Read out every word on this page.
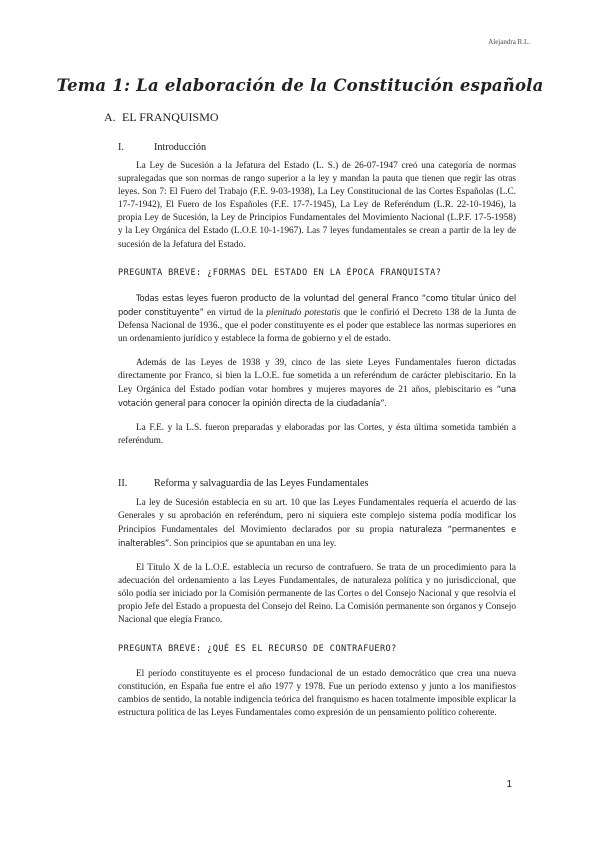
Alejandra R.L.
Tema 1: La elaboración de la Constitución española
A. EL FRANQUISMO
I.	Introducción

La Ley de Sucesión a la Jefatura del Estado (L. S.) de 26-07-1947 creó una categoría de normas supralegadas que son normas de rango superior a la ley y mandan la pauta que tienen que regir las otras leyes. Son 7: El Fuero del Trabajo (F.E. 9-03-1938), La Ley Constitucional de las Cortes Españolas (L.C. 17-7-1942), El Fuero de los Españoles (F.E. 17-7-1945), La Ley de Referéndum (L.R. 22-10-1946), la propia Ley de Sucesión, la Ley de Principios Fundamentales del Movimiento Nacional (L.P.F. 17-5-1958) y la Ley Orgánica del Estado (L.O.E 10-1-1967). Las 7 leyes fundamentales se crean a partir de la ley de sucesión de la Jefatura del Estado.

PREGUNTA BREVE: ¿FORMAS DEL ESTADO EN LA ÉPOCA FRANQUISTA?

Todas estas leyes fueron producto de la voluntad del general Franco “como titular único del poder constituyente” en virtud de la plenitudo potestatis que le confirió el Decreto 138 de la Junta de Defensa Nacional de 1936., que el poder constituyente es el poder que establece las normas superiores en un ordenamiento jurídico y establece la forma de gobierno y el de estado.

Además de las Leyes de 1938 y 39, cinco de las siete Leyes Fundamentales fueron dictadas directamente por Franco, si bien la L.O.E. fue sometida a un referéndum de carácter plebiscitario. En la Ley Orgánica del Estado podían votar hombres y mujeres mayores de 21 años, plebiscitario es “una votación general para conocer la opinión directa de la ciudadanía”.

La F.E. y la L.S. fueron preparadas y elaboradas por las Cortes, y ésta última sometida también a referéndum.

II.	Reforma y salvaguardia de las Leyes Fundamentales

La ley de Sucesión establecía en su art. 10 que las Leyes Fundamentales requería el acuerdo de las Generales y su aprobación en referéndum, pero ni siquiera este complejo sistema podía modificar los Principios Fundamentales del Movimiento declarados por su propia naturaleza “permanentes e inalterables”. Son principios que se apuntaban en una ley.

El Título X de la L.O.E. establecía un recurso de contrafuero. Se trata de un procedimiento para la adecuación del ordenamiento a las Leyes Fundamentales, de naturaleza política y no jurisdiccional, que sólo podía ser iniciado por la Comisión permanente de las Cortes o del Consejo Nacional y que resolvía el propio Jefe del Estado a propuesta del Consejo del Reino. La Comisión permanente son órganos y Consejo Nacional que elegía Franco.

PREGUNTA BREVE: ¿QUÉ ES EL RECURSO DE CONTRAFUERO?

El período constituyente es el proceso fundacional de un estado democrático que crea una nueva constitución, en España fue entre el año 1977 y 1978. Fue un período extenso y junto a los manifiestos cambios de sentido, la notable indigencia teórica del franquismo es hacen totalmente imposible explicar la estructura política de las Leyes Fundamentales como expresión de un pensamiento político coherente.

1
